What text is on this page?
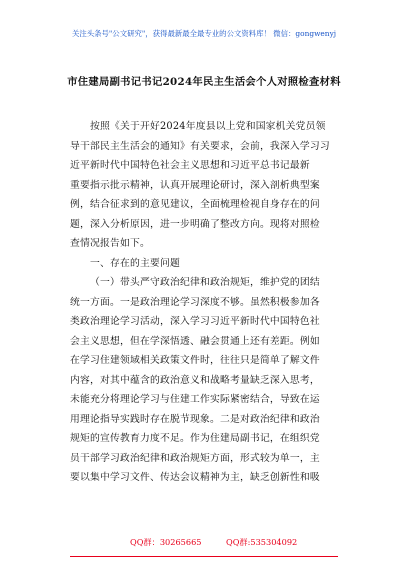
关注头条号"公文研究"，获得最新最全最专业的公文资料库！ 微信：gongwenyj
市住建局副书记书记2024年民主生活会个人对照检查材料
按照《关于开好2024年度县以上党和国家机关党员领
导干部民主生活会的通知》有关要求，会前，我深入学习习
近平新时代中国特色社会主义思想和习近平总书记最新
重要指示批示精神，认真开展理论研讨，深入剖析典型案
例，结合征求到的意见建议，全面梳理检视自身存在的问
题，深入分析原因，进一步明确了整改方向。现将对照检
查情况报告如下。
一、存在的主要问题
（一）带头严守政治纪律和政治规矩，维护党的团结
统一方面。一是政治理论学习深度不够。虽然积极参加各
类政治理论学习活动，深入学习习近平新时代中国特色社
会主义思想，但在学深悟透、融会贯通上还有差距。例如
在学习住建领域相关政策文件时，往往只是简单了解文件
内容，对其中蕴含的政治意义和战略考量缺乏深入思考，
未能充分将理论学习与住建工作实际紧密结合，导致在运
用理论指导实践时存在脱节现象。二是对政治纪律和政治
规矩的宣传教育力度不足。作为住建局副书记，在组织党
员干部学习政治纪律和政治规矩方面，形式较为单一，主
要以集中学习文件、传达会议精神为主，缺乏创新性和吸
QQ群：30265665	QQ群:535304092
